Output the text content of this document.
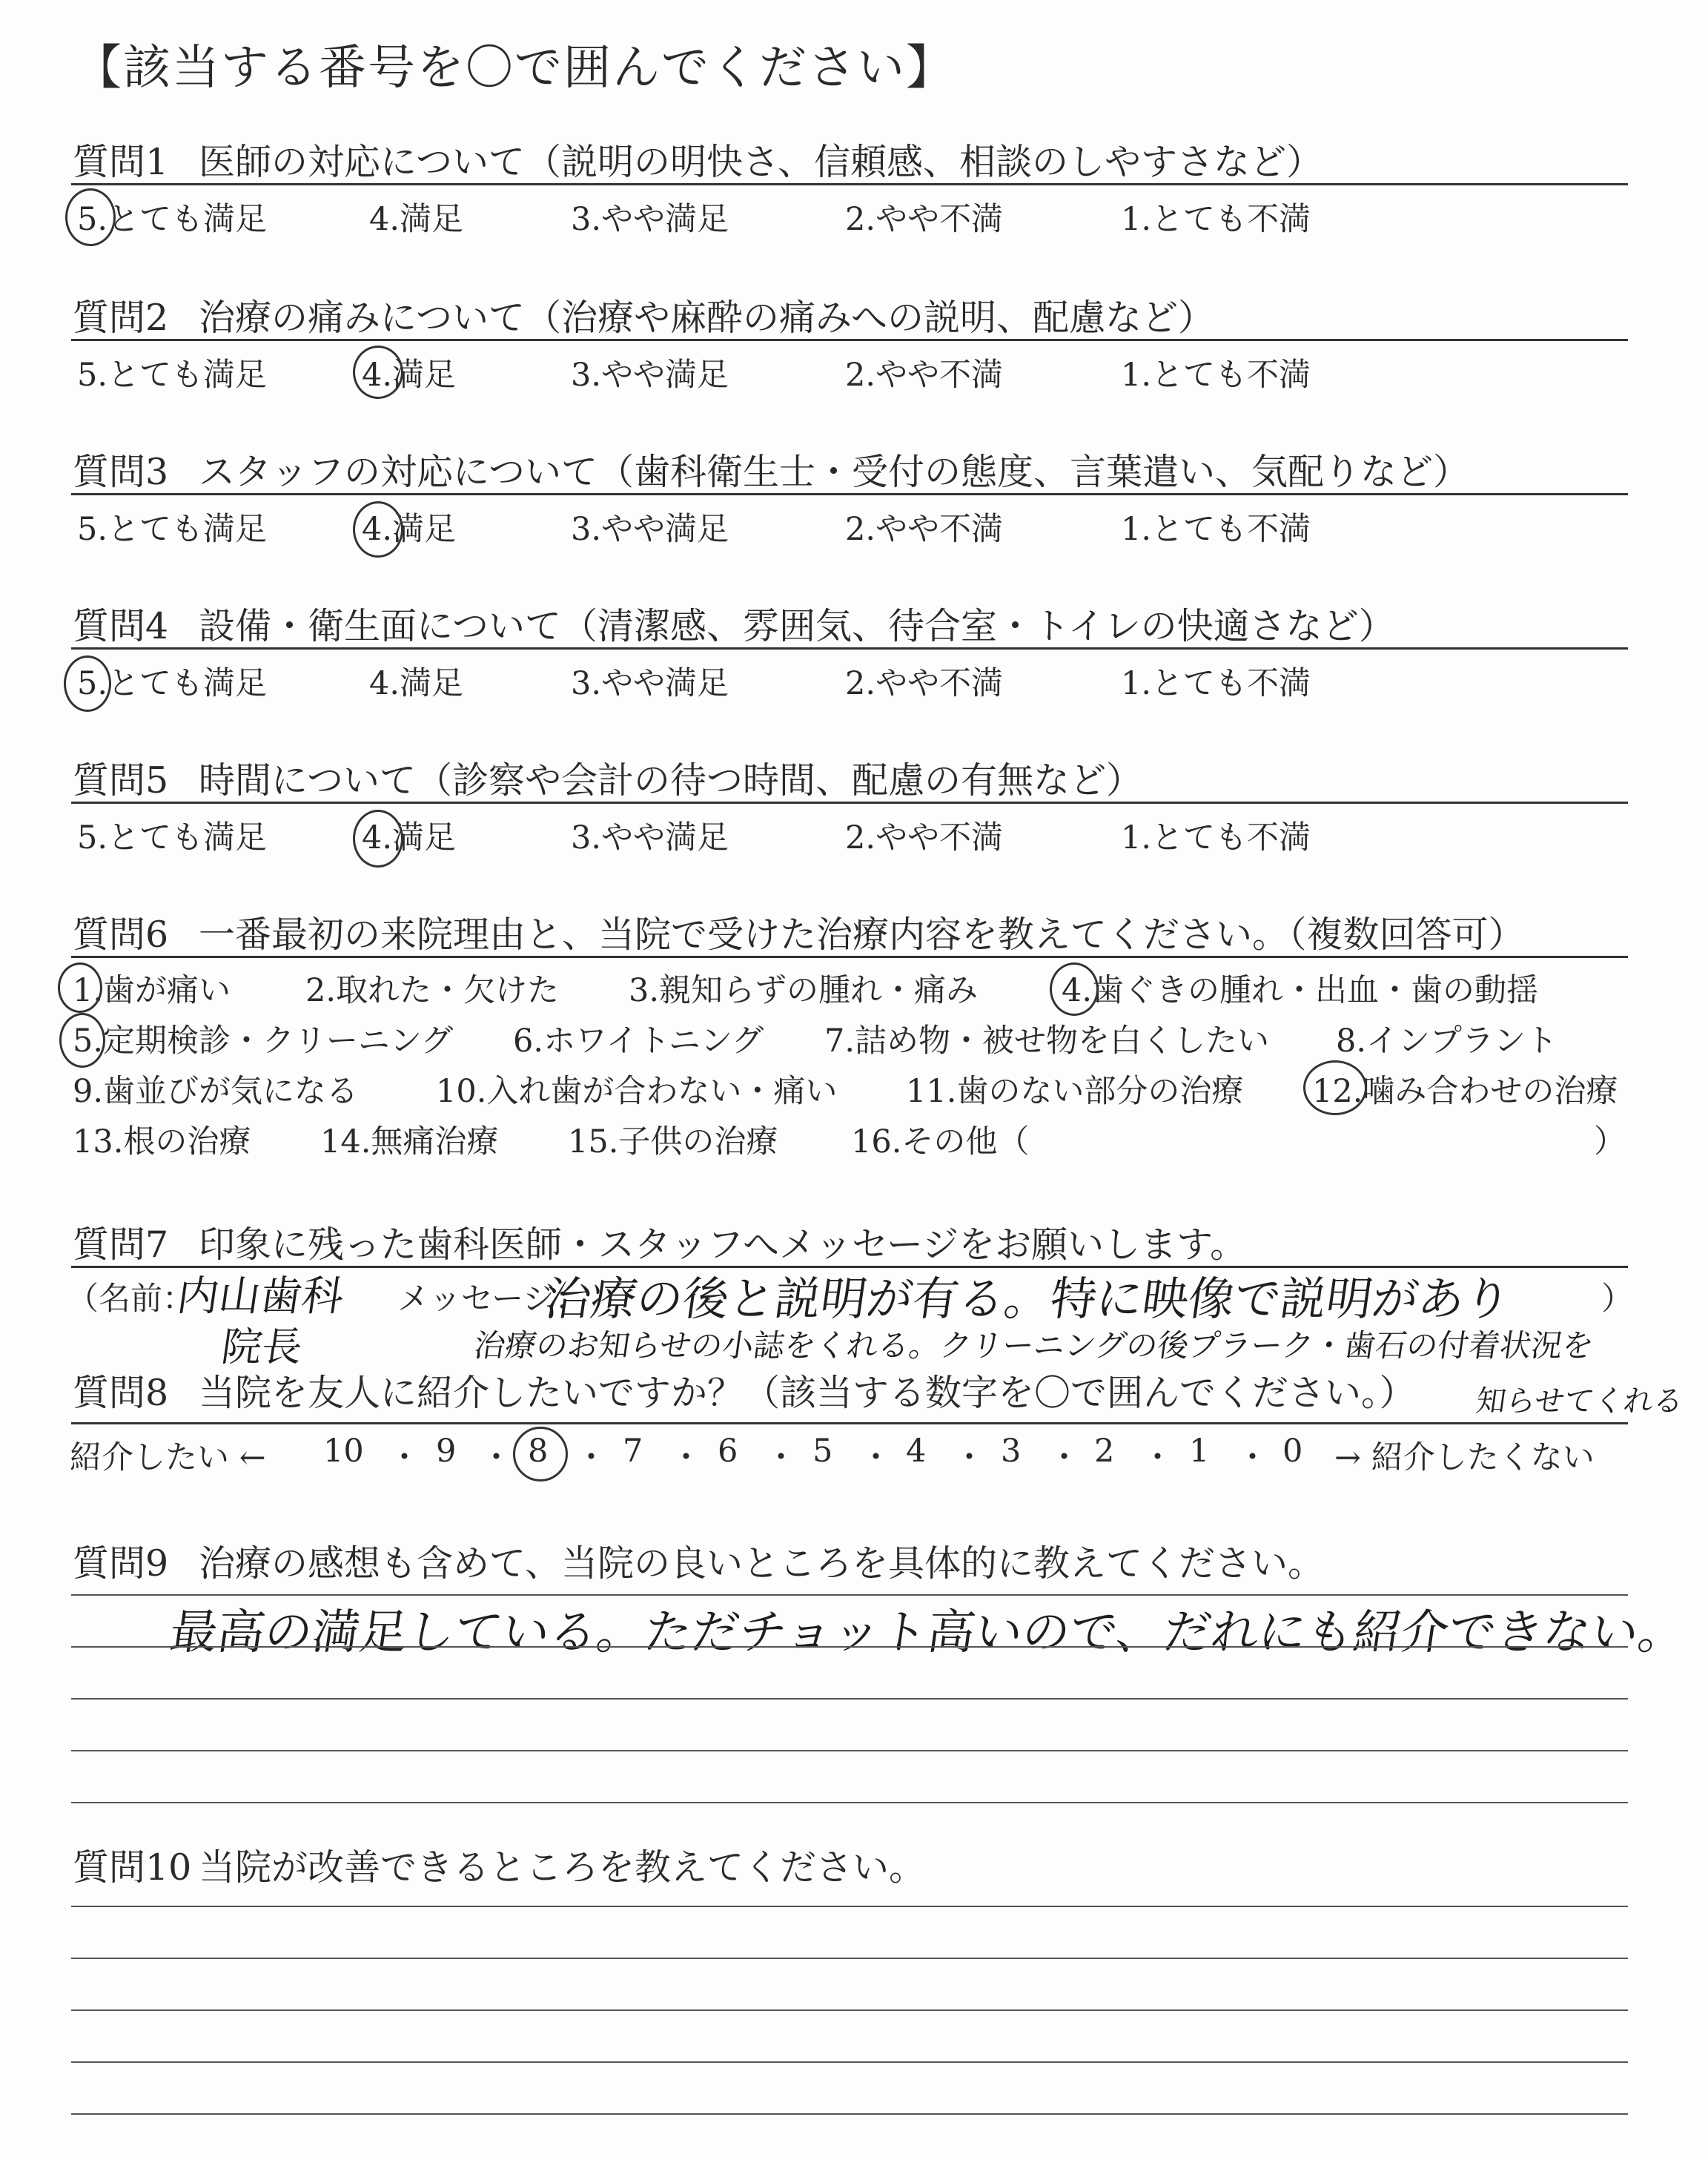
【該当する番号を〇で囲んでください】
質問1 医師の対応について（説明の明快さ、信頼感、相談のしやすさなど）
5.とても満足	4.満足	3.やや満足	2.やや不満	1.とても不満
質問2 治療の痛みについて（治療や麻酔の痛みへの説明、配慮など）
5.とても満足	4.満足	3.やや満足	2.やや不満	1.とても不満
質問3 スタッフの対応について（歯科衛生士・受付の態度、言葉遣い、気配りなど）
5.とても満足	4.満足	3.やや満足	2.やや不満	1.とても不満
質問4 設備・衛生面について（清潔感、雰囲気、待合室・トイレの快適さなど）
5.とても満足	4.満足	3.やや満足	2.やや不満	1.とても不満
質問5 時間について（診察や会計の待つ時間、配慮の有無など）
5.とても満足	4.満足	3.やや満足	2.やや不満	1.とても不満
質問6 一番最初の来院理由と、当院で受けた治療内容を教えてください。（複数回答可）
1.歯が痛い 2.取れた・欠けた 3.親知らずの腫れ・痛み	4.歯ぐきの腫れ・出血・歯の動揺
5.定期検診・クリーニング 6.ホワイトニング 7.詰め物・被せ物を白くしたい 8.インプラント
9.歯並びが気になる 10.入れ歯が合わない・痛い 11.歯のない部分の治療 12.噛み合わせの治療
13.根の治療 14.無痛治療 15.子供の治療 16.その他（	）
質問7 印象に残った歯科医師・スタッフへメッセージをお願いします。
（名前：	メッセージ：	）
内山歯科
院長
治療の後と説明が有る。特に映像で説明があり
治療のお知らせの小誌をくれる。クリーニングの後プラーク・歯石の付着状況を
知らせてくれる
質問8 当院を友人に紹介したいですか？（該当する数字を〇で囲んでください。）
紹介したい ← 10 ・ 9 ・ 8 ・ 7 ・ 6 ・ 5 ・ 4 ・ 3 ・ 2 ・ 1 ・ 0 → 紹介したくない
質問9 治療の感想も含めて、当院の良いところを具体的に教えてください。
最高の満足している。ただチョット高いので、だれにも紹介できない。
質問10 当院が改善できるところを教えてください。
